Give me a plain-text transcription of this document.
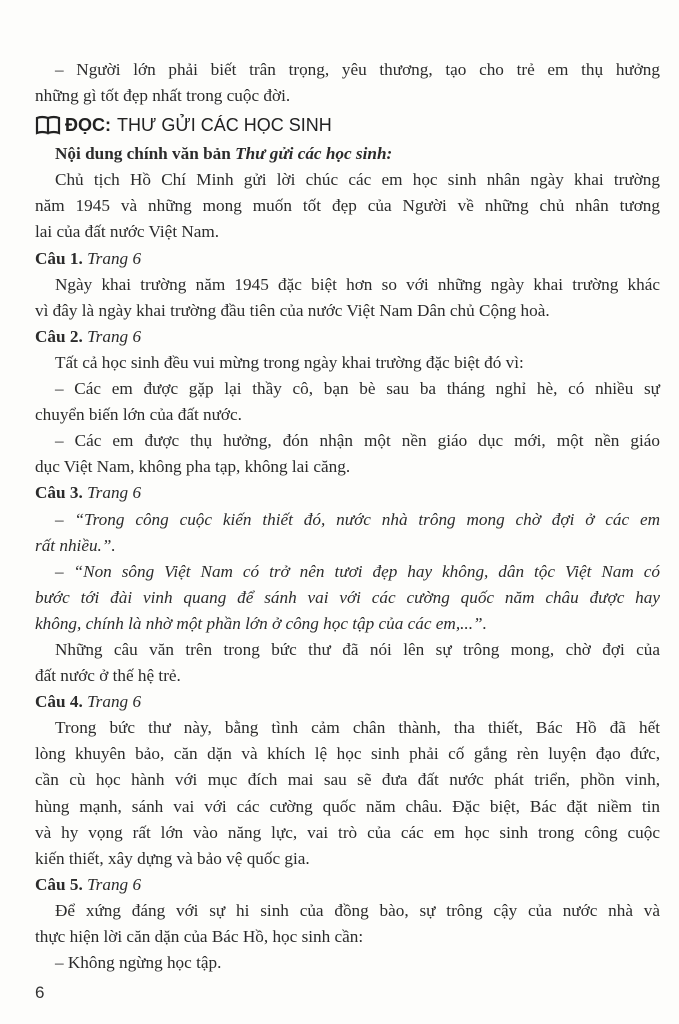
– Người lớn phải biết trân trọng, yêu thương, tạo cho trẻ em thụ hưởng
những gì tốt đẹp nhất trong cuộc đời.
ĐỌC: THƯ GỬI CÁC HỌC SINH
Nội dung chính văn bản Thư gửi các học sinh:
Chủ tịch Hồ Chí Minh gửi lời chúc các em học sinh nhân ngày khai trường
năm 1945 và những mong muốn tốt đẹp của Người về những chủ nhân tương
lai của đất nước Việt Nam.
Câu 1. Trang 6
Ngày khai trường năm 1945 đặc biệt hơn so với những ngày khai trường khác
vì đây là ngày khai trường đầu tiên của nước Việt Nam Dân chủ Cộng hoà.
Câu 2. Trang 6
Tất cả học sinh đều vui mừng trong ngày khai trường đặc biệt đó vì:
– Các em được gặp lại thầy cô, bạn bè sau ba tháng nghỉ hè, có nhiều sự
chuyển biến lớn của đất nước.
– Các em được thụ hưởng, đón nhận một nền giáo dục mới, một nền giáo
dục Việt Nam, không pha tạp, không lai căng.
Câu 3. Trang 6
– “Trong công cuộc kiến thiết đó, nước nhà trông mong chờ đợi ở các em
rất nhiều.”.
– “Non sông Việt Nam có trở nên tươi đẹp hay không, dân tộc Việt Nam có
bước tới đài vinh quang để sánh vai với các cường quốc năm châu được hay
không, chính là nhờ một phần lớn ở công học tập của các em,...”.
Những câu văn trên trong bức thư đã nói lên sự trông mong, chờ đợi của
đất nước ở thế hệ trẻ.
Câu 4. Trang 6
Trong bức thư này, bằng tình cảm chân thành, tha thiết, Bác Hồ đã hết
lòng khuyên bảo, căn dặn và khích lệ học sinh phải cố gắng rèn luyện đạo đức,
cần cù học hành với mục đích mai sau sẽ đưa đất nước phát triển, phồn vinh,
hùng mạnh, sánh vai với các cường quốc năm châu. Đặc biệt, Bác đặt niềm tin
và hy vọng rất lớn vào năng lực, vai trò của các em học sinh trong công cuộc
kiến thiết, xây dựng và bảo vệ quốc gia.
Câu 5. Trang 6
Để xứng đáng với sự hi sinh của đồng bào, sự trông cậy của nước nhà và
thực hiện lời căn dặn của Bác Hồ, học sinh cần:
– Không ngừng học tập.
6
